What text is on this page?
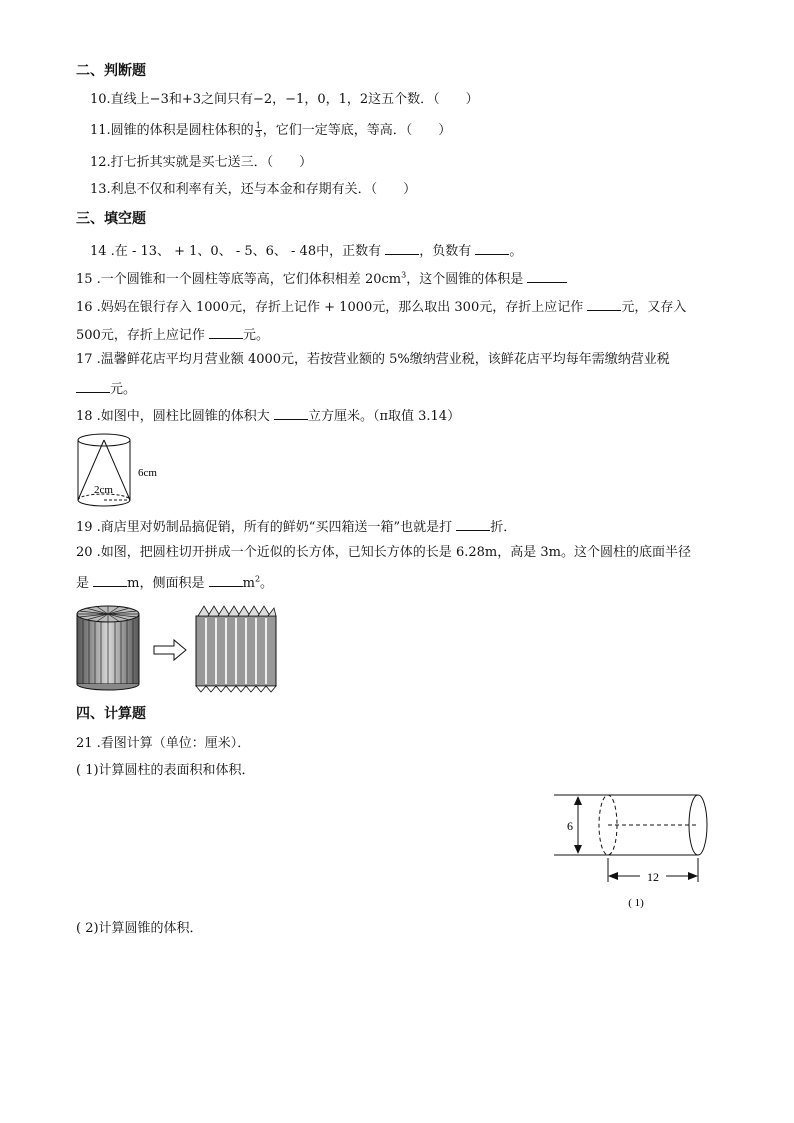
二、判断题
10.直线上−3和+3之间只有−2，−1，0，1，2这五个数．（　　）
11.圆锥的体积是圆柱体积的 $\frac{1}{3}$ ，它们一定等底，等高．（　　）
12.打七折其实就是买七送三．（　　）
13.利息不仅和利率有关，还与本金和存期有关．（　　）
三、填空题
14 .在 - 13、 + 1、0、 - 5、6、 - 48中，正数有	，负数有	。
15 .一个圆锥和一个圆柱等底等高，它们体积相差 $20cm^3$，这个圆锥的体积是
16 .妈妈在银行存入 1000元，存折上记作 + 1000元，那么取出 300元，存折上应记作	元，又存入
500元，存折上应记作	元。
17 .温馨鲜花店平均月营业额 4000元，若按营业额的 5%缴纳营业税，该鲜花店平均每年需缴纳营业税
元。
18 .如图中，圆柱比圆锥的体积大	立方厘米。（π取值 3.14）
6cm
2cm
19 .商店里对奶制品搞促销，所有的鲜奶“买四箱送一箱”也就是打	折．
20 .如图，把圆柱切开拼成一个近似的长方体，已知长方体的长是 6.28m，高是 3m。这个圆柱的底面半径
是	m，侧面积是	$m^2$。
四、计算题
21 .看图计算（单位：厘米）．
( 1)计算圆柱的表面积和体积．
6
12
( 1)
( 2)计算圆锥的体积．
